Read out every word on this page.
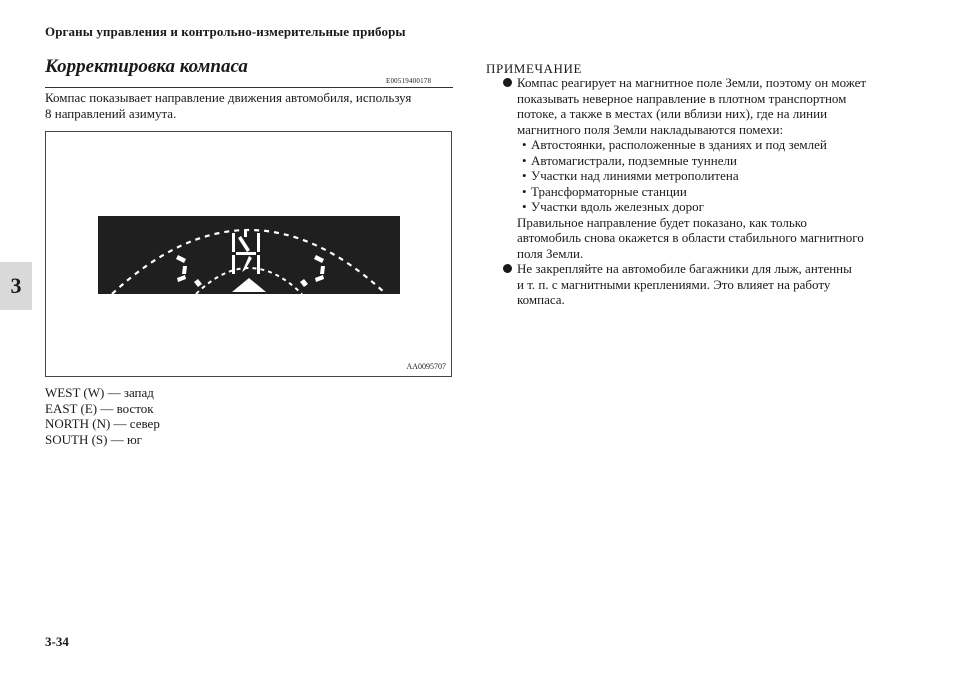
Органы управления и контрольно-измерительные приборы
3
Корректировка компаса
E00519400178
Компас показывает направление движения автомобиля, используя
8 направлений азимута.
AA0095707
WEST (W) — запад
EAST (E) — восток
NORTH (N) — север
SOUTH (S) — юг
ПРИМЕЧАНИЕ
Компас реагирует на магнитное поле Земли, поэтому он может
показывать неверное направление в плотном транспортном
потоке, а также в местах (или вблизи них), где на линии
магнитного поля Земли накладываются помехи:
• Автостоянки, расположенные в зданиях и под землей
• Автомагистрали, подземные туннели
• Участки над линиями метрополитена
• Трансформаторные станции
• Участки вдоль железных дорог
Правильное направление будет показано, как только
автомобиль снова окажется в области стабильного магнитного
поля Земли.
Не закрепляйте на автомобиле багажники для лыж, антенны
и т. п. с магнитными креплениями. Это влияет на работу
компаса.
3-34
